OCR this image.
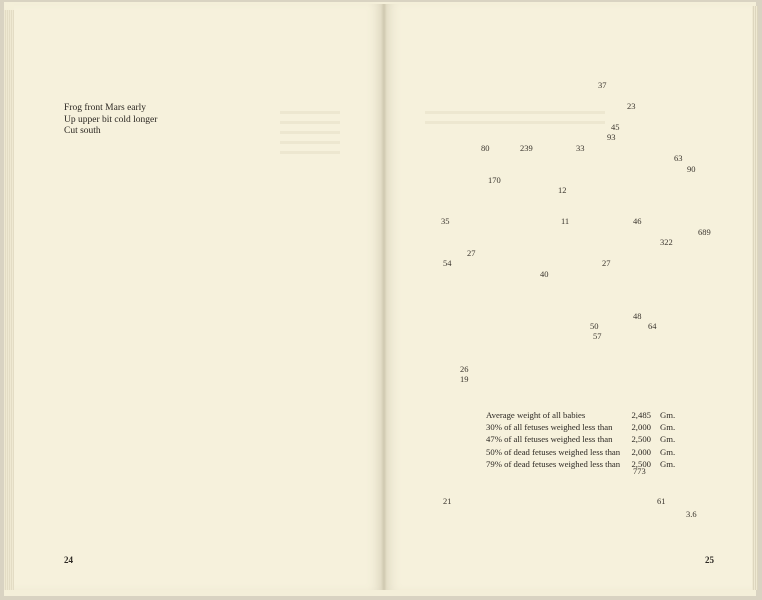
Frog front Mars early
Up upper bit cold longer
Cut south
24	25
37
23
45
93
80	239	33
63
90
170
12
35	11	46
689
322
27
54	27
40
48
50	64
57
26
19
773
21	61
3.6
Average weight of all babies	2,485 Gm.
30% of all fetuses weighed less than	2,000 Gm.
47% of all fetuses weighed less than	2,500 Gm.
50% of dead fetuses weighed less than	2,000 Gm.
79% of dead fetuses weighed less than	2,500 Gm.
